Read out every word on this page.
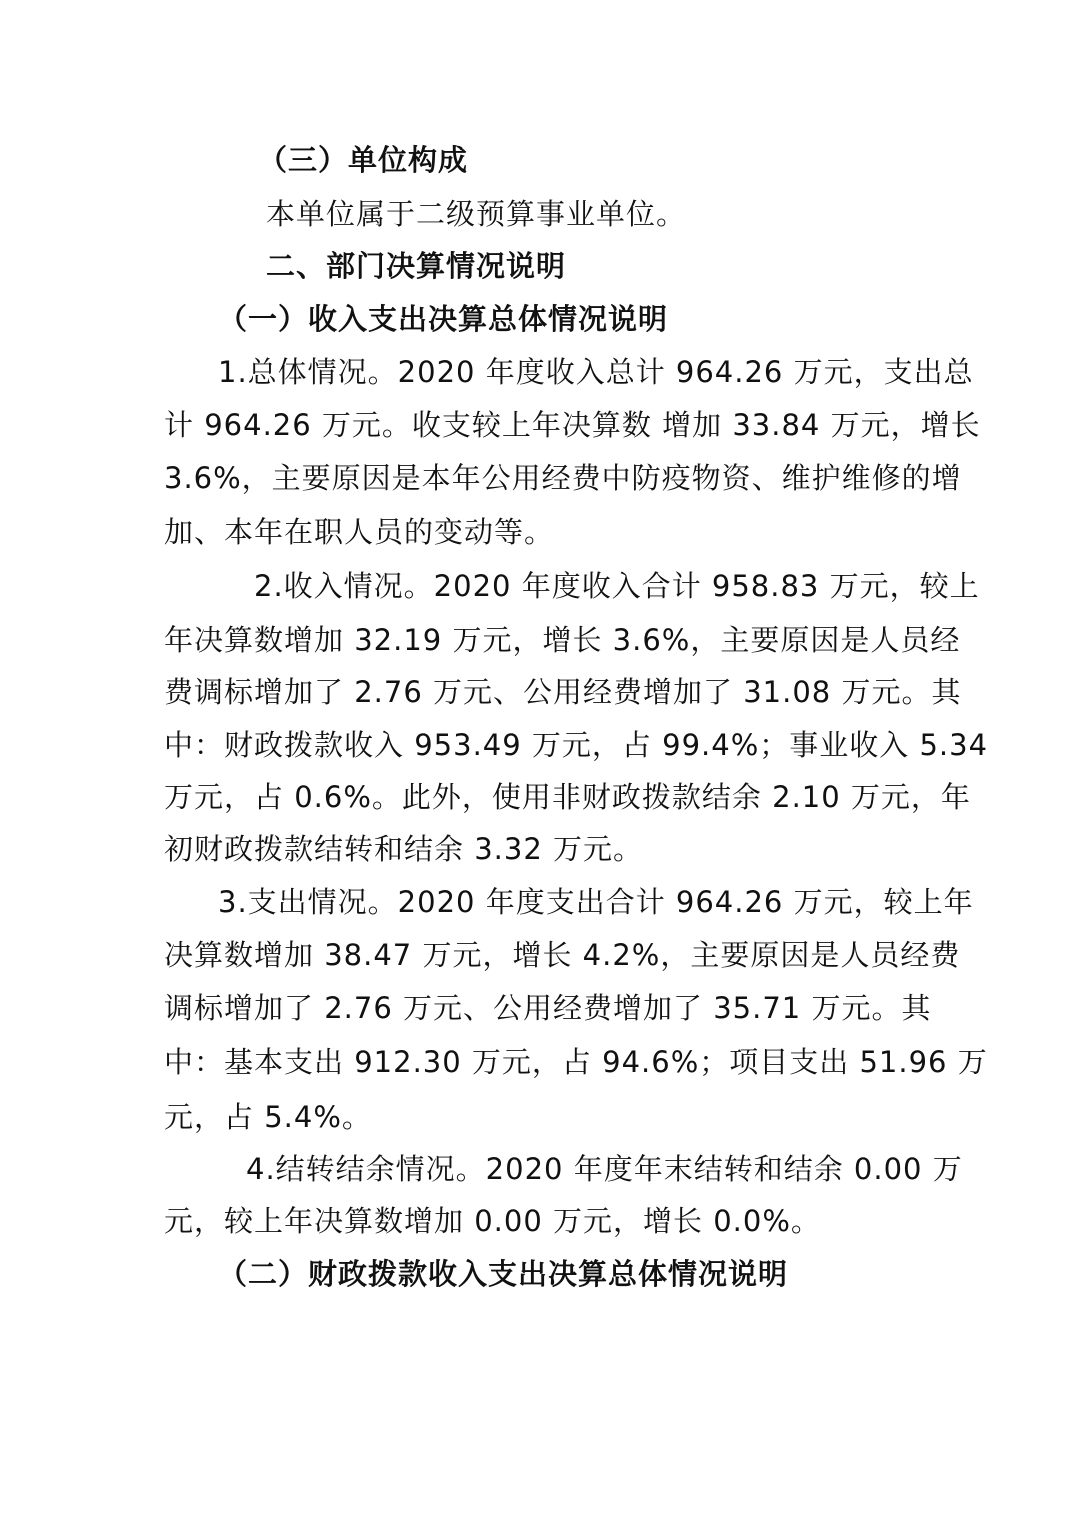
（三）单位构成
本单位属于二级预算事业单位。
二、部门决算情况说明
（一）收入支出决算总体情况说明
1.总体情况。2020 年度收入总计 964.26 万元，支出总
计 964.26 万元。收支较上年决算数 增加 33.84 万元，增长
3.6%，主要原因是本年公用经费中防疫物资、维护维修的增
加、本年在职人员的变动等。
2.收入情况。2020 年度收入合计 958.83 万元，较上
年决算数增加 32.19 万元，增长 3.6%，主要原因是人员经
费调标增加了 2.76 万元、公用经费增加了 31.08 万元。其
中：财政拨款收入 953.49 万元，占 99.4%；事业收入 5.34
万元，占 0.6%。此外，使用非财政拨款结余 2.10 万元，年
初财政拨款结转和结余 3.32 万元。
3.支出情况。2020 年度支出合计 964.26 万元，较上年
决算数增加 38.47 万元，增长 4.2%，主要原因是人员经费
调标增加了 2.76 万元、公用经费增加了 35.71 万元。其
中：基本支出 912.30 万元，占 94.6%；项目支出 51.96 万
元，占 5.4%。
4.结转结余情况。2020 年度年末结转和结余 0.00 万
元，较上年决算数增加 0.00 万元，增长 0.0%。
（二）财政拨款收入支出决算总体情况说明
